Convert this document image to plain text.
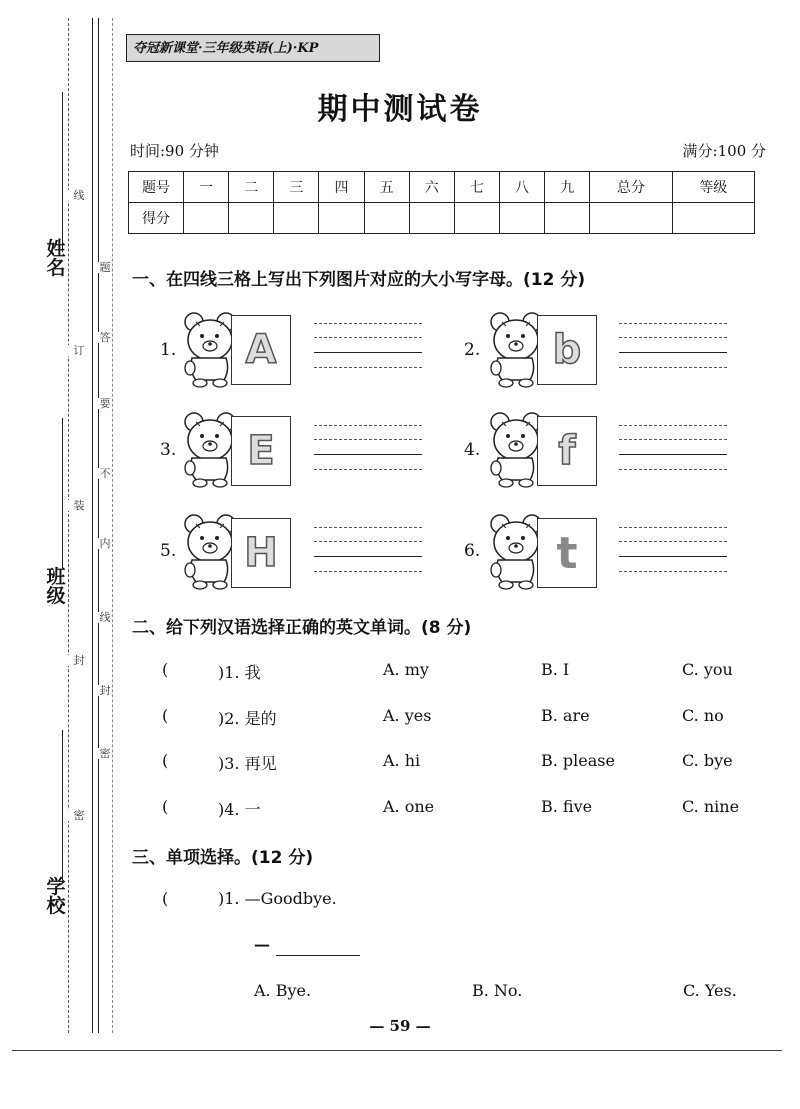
姓名
班级
学校
线
订
装
封
密
题
答
要
不
内
线
封
密
夺冠新课堂·三年级英语(上)·KP
期中测试卷
时间:90 分钟	满分:100 分
题号	一	二	三	四	五	六	七	八	九	总分	等级
得分											
一、在四线三格上写出下列图片对应的大小写字母。(12 分)
1. A
3. E
5. H
2. b
4. f
6. t
二、给下列汉语选择正确的英文单词。(8 分)
(	)1. 我	A. my	B. I	C. you
(	)2. 是的	A. yes	B. are	C. no
(	)3. 再见	A. hi	B. please	C. bye
(	)4. 一	A. one	B. five	C. nine
三、单项选择。(12 分)
(	)1. —Goodbye.
—
A. Bye.	B. No.	C. Yes.
— 59 —
